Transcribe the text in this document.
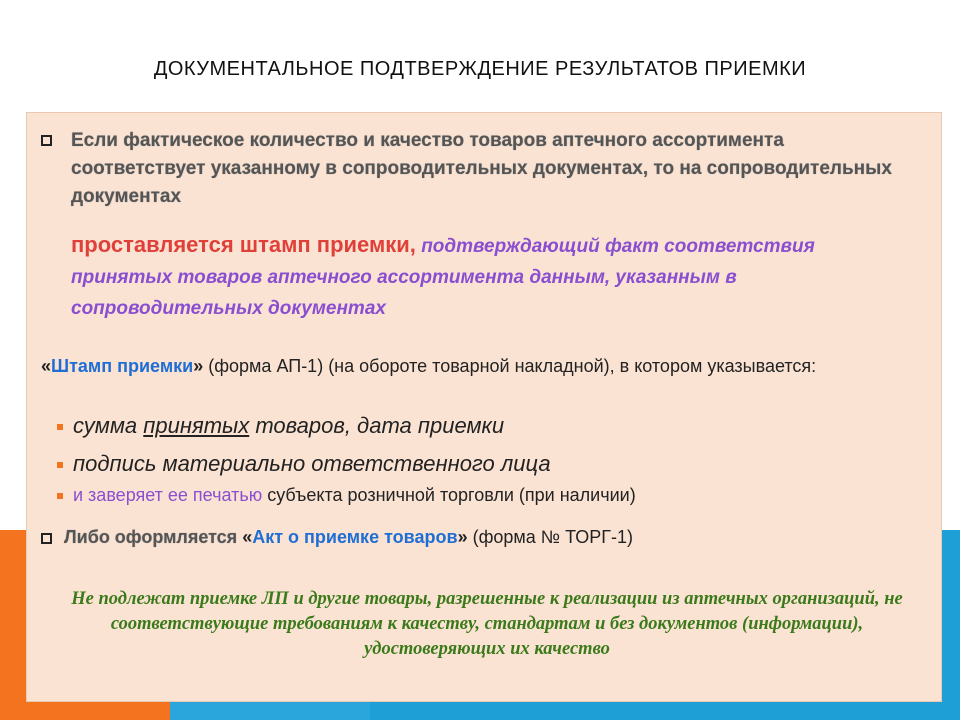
ДОКУМЕНТАЛЬНОЕ ПОДТВЕРЖДЕНИЕ РЕЗУЛЬТАТОВ ПРИЕМКИ
Если фактическое количество и качество товаров аптечного ассортимента соответствует указанному в сопроводительных документах, то на сопроводительных документах
проставляется штамп приемки, подтверждающий факт соответствия принятых товаров аптечного ассортимента данным, указанным в сопроводительных документах
«Штамп приемки» (форма АП-1) (на обороте товарной накладной), в котором указывается:
сумма принятых товаров, дата приемки
подпись материально ответственного лица
и заверяет ее печатью субъекта розничной торговли (при наличии)
Либо оформляется «Акт о приемке товаров» (форма № ТОРГ-1)
Не подлежат приемке ЛП и другие товары, разрешенные к реализации из аптечных организаций, не соответствующие требованиям к качеству, стандартам и без документов (информации), удостоверяющих их качество
